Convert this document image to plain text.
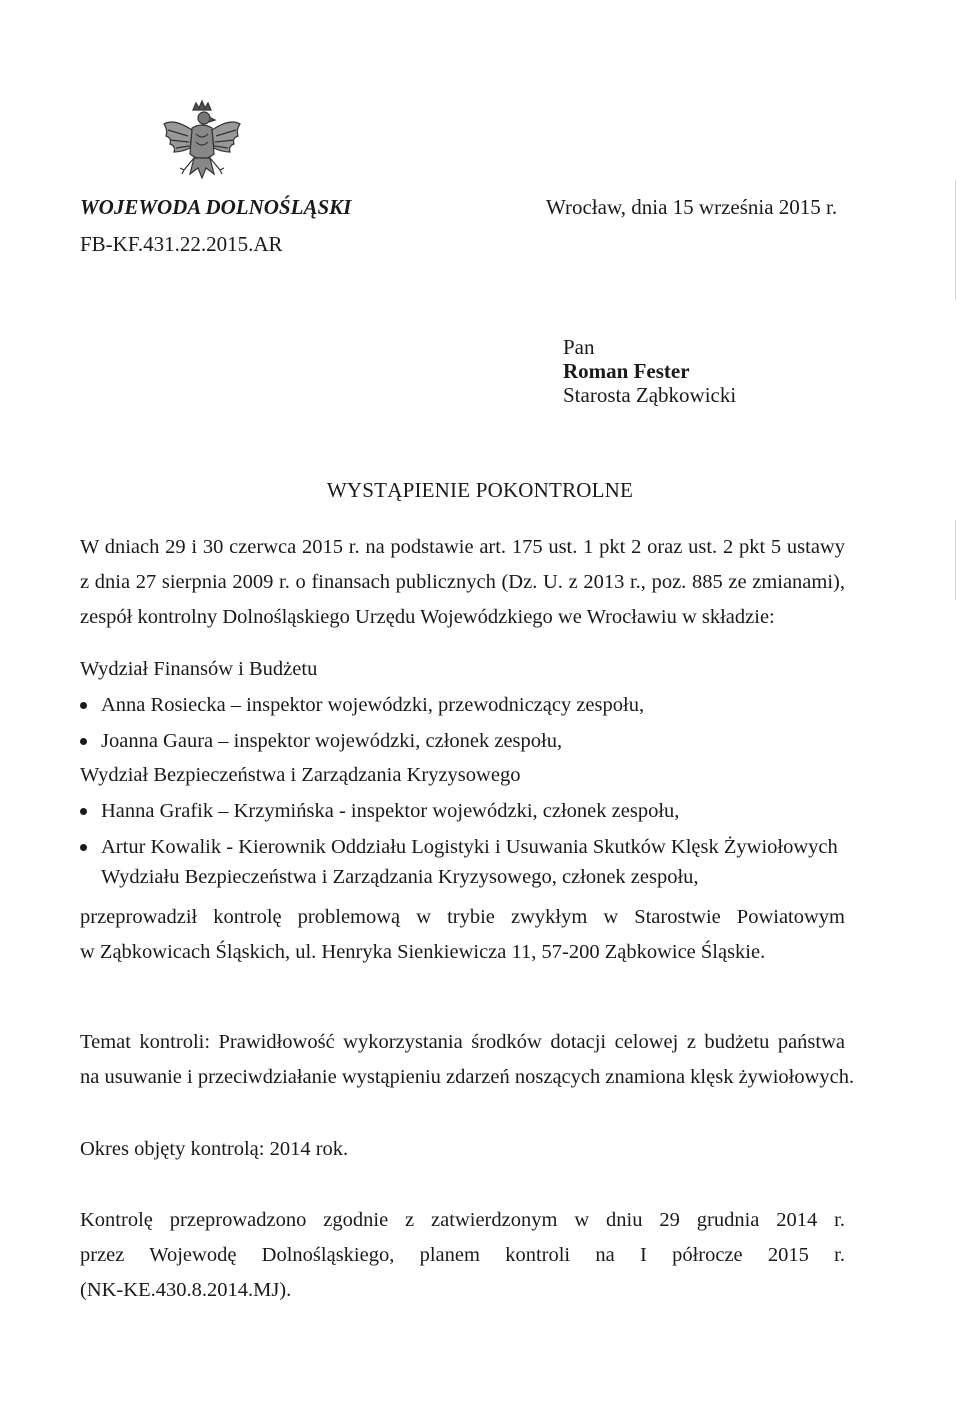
WOJEWODA DOLNOŚLĄSKI	Wrocław, dnia 15 września 2015 r.
FB-KF.431.22.2015.AR
Pan
Roman Fester
Starosta Ząbkowicki
WYSTĄPIENIE POKONTROLNE
W dniach 29 i 30 czerwca 2015 r. na podstawie art. 175 ust. 1 pkt 2 oraz ust. 2 pkt 5 ustawy
z dnia 27 sierpnia 2009 r. o finansach publicznych (Dz. U. z 2013 r., poz. 885 ze zmianami),
zespół kontrolny Dolnośląskiego Urzędu Wojewódzkiego we Wrocławiu w składzie:
Wydział Finansów i Budżetu
Anna Rosiecka – inspektor wojewódzki, przewodniczący zespołu,
Joanna Gaura – inspektor wojewódzki, członek zespołu,
Wydział Bezpieczeństwa i Zarządzania Kryzysowego
Hanna Grafik – Krzymińska - inspektor wojewódzki, członek zespołu,
Artur Kowalik - Kierownik Oddziału Logistyki i Usuwania Skutków Klęsk Żywiołowych
Wydziału Bezpieczeństwa i Zarządzania Kryzysowego, członek zespołu,
przeprowadził kontrolę problemową w trybie zwykłym w Starostwie Powiatowym
w Ząbkowicach Śląskich, ul. Henryka Sienkiewicza 11, 57-200 Ząbkowice Śląskie.
Temat kontroli: Prawidłowość wykorzystania środków dotacji celowej z budżetu państwa
na usuwanie i przeciwdziałanie wystąpieniu zdarzeń noszących znamiona klęsk żywiołowych.
Okres objęty kontrolą: 2014 rok.
Kontrolę przeprowadzono zgodnie z zatwierdzonym w dniu 29 grudnia 2014 r.
przez Wojewodę Dolnośląskiego, planem kontroli na I półrocze 2015 r.
(NK-KE.430.8.2014.MJ).
